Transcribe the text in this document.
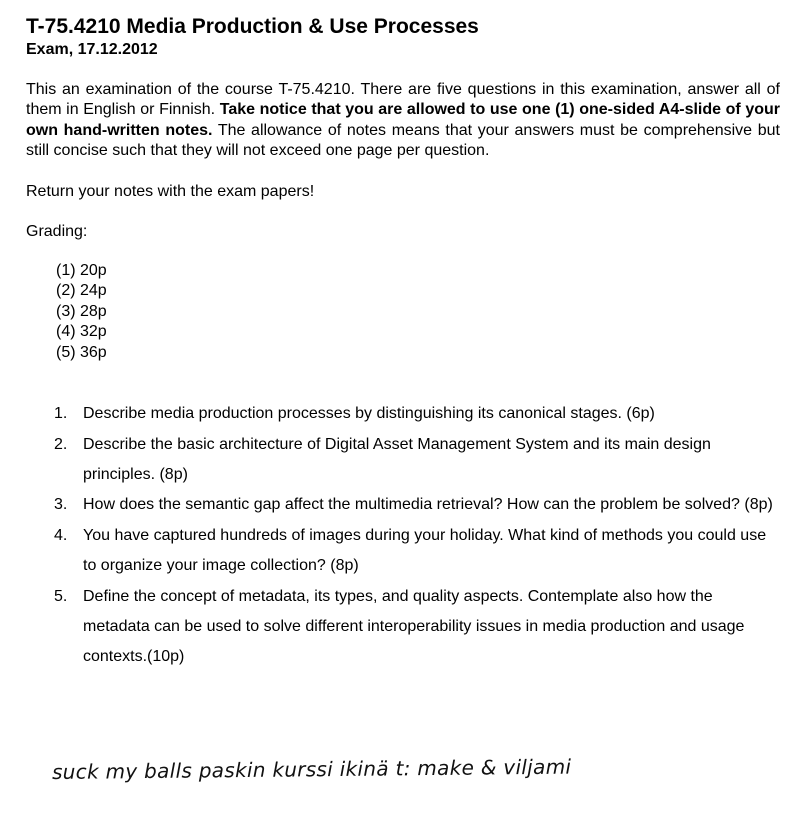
T-75.4210 Media Production & Use Processes
Exam, 17.12.2012

This an examination of the course T-75.4210. There are five questions in this examination, answer all of them in English or Finnish. Take notice that you are allowed to use one (1) one-sided A4-slide of your own hand-written notes. The allowance of notes means that your answers must be comprehensive but still concise such that they will not exceed one page per question.

Return your notes with the exam papers!

Grading:

(1) 20p
(2) 24p
(3) 28p
(4) 32p
(5) 36p
1. Describe media production processes by distinguishing its canonical stages. (6p)
2. Describe the basic architecture of Digital Asset Management System and its main design principles. (8p)
3. How does the semantic gap affect the multimedia retrieval? How can the problem be solved? (8p)
4. You have captured hundreds of images during your holiday. What kind of methods you could use to organize your image collection? (8p)
5. Define the concept of metadata, its types, and quality aspects. Contemplate also how the metadata can be used to solve different interoperability issues in media production and usage contexts.(10p)
suck my balls paskin kurssi ikinä t: make & viljami
